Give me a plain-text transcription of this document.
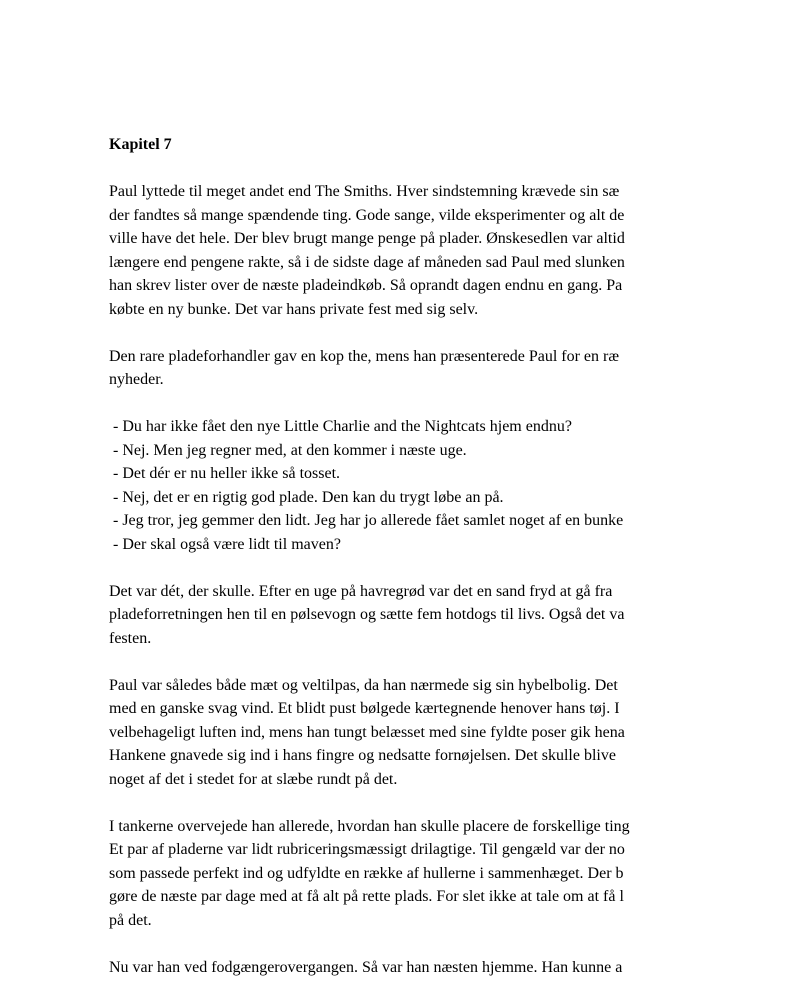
Kapitel 7
Paul lyttede til meget andet end The Smiths. Hver sindstemning krævede sin sæ
der fandtes så mange spændende ting. Gode sange, vilde eksperimenter og alt de
ville have det hele. Der blev brugt mange penge på plader. Ønskesedlen var altid
længere end pengene rakte, så i de sidste dage af måneden sad Paul med slunken
han skrev lister over de næste pladeindkøb. Så oprandt dagen endnu en gang. Pa
købte en ny bunke. Det var hans private fest med sig selv.
Den rare pladeforhandler gav en kop the, mens han præsenterede Paul for en ræ
nyheder.
- Du har ikke fået den nye Little Charlie and the Nightcats hjem endnu?
- Nej. Men jeg regner med, at den kommer i næste uge.
- Det dér er nu heller ikke så tosset.
- Nej, det er en rigtig god plade. Den kan du trygt løbe an på.
- Jeg tror, jeg gemmer den lidt. Jeg har jo allerede fået samlet noget af en bunke
- Der skal også være lidt til maven?
Det var dét, der skulle. Efter en uge på havregrød var det en sand fryd at gå fra
pladeforretningen hen til en pølsevogn og sætte fem hotdogs til livs. Også det va
festen.
Paul var således både mæt og veltilpas, da han nærmede sig sin hybelbolig. Det
med en ganske svag vind. Et blidt pust bølgede kærtegnende henover hans tøj. I
velbehageligt luften ind, mens han tungt belæsset med sine fyldte poser gik hena
Hankene gnavede sig ind i hans fingre og nedsatte fornøjelsen. Det skulle blive
noget af det i stedet for at slæbe rundt på det.
I tankerne overvejede han allerede, hvordan han skulle placere de forskellige ting
Et par af pladerne var lidt rubriceringsmæssigt drilagtige. Til gengæld var der no
som passede perfekt ind og udfyldte en række af hullerne i sammenhæget. Der b
gøre de næste par dage med at få alt på rette plads. For slet ikke at tale om at få l
på det.
Nu var han ved fodgængerovergangen. Så var han næsten hjemme. Han kunne a
